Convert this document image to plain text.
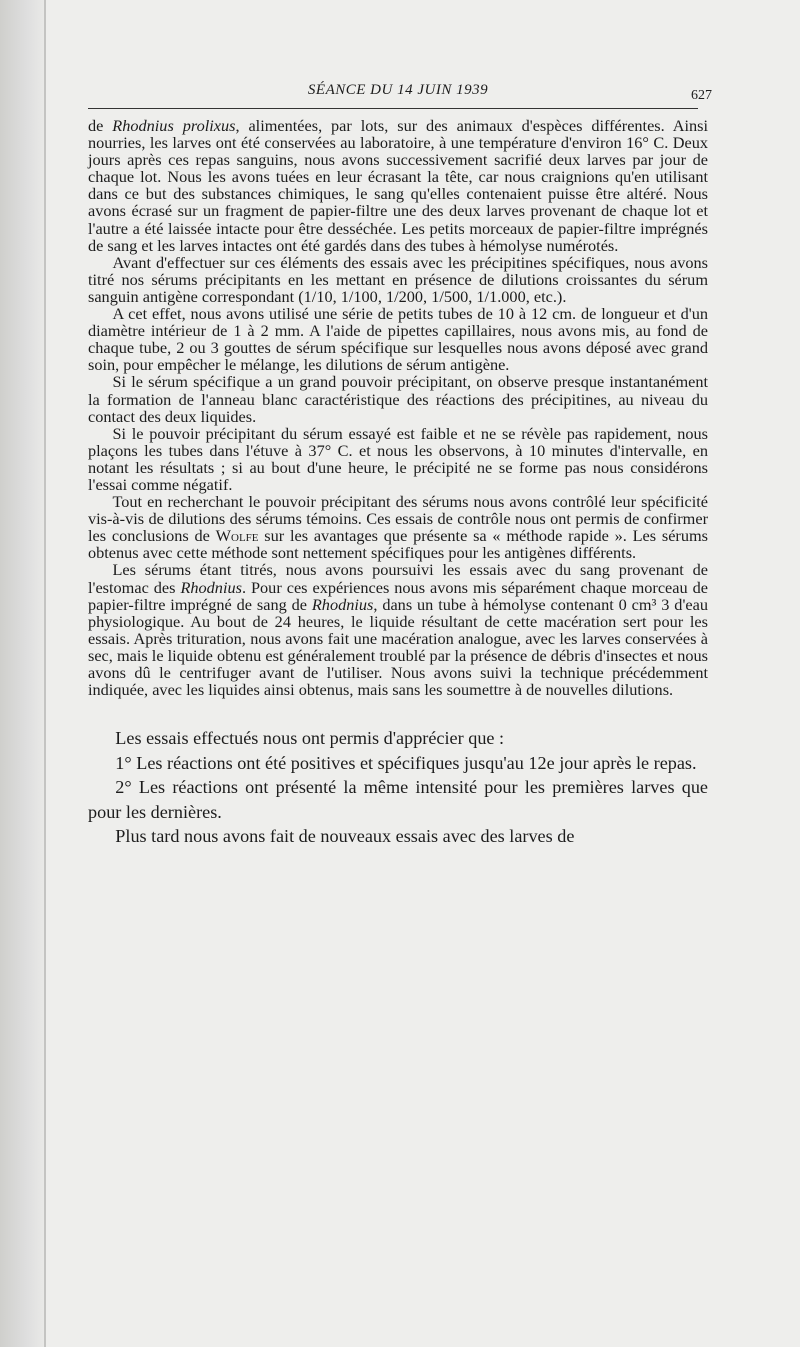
SÉANCE DU 14 JUIN 1939	627

de Rhodnius prolixus, alimentées, par lots, sur des animaux d'espèces différentes. Ainsi nourries, les larves ont été conservées au laboratoire, à une température d'environ 16° C. Deux jours après ces repas sanguins, nous avons successivement sacrifié deux larves par jour de chaque lot. Nous les avons tuées en leur écrasant la tête, car nous craignions qu'en utilisant dans ce but des substances chimiques, le sang qu'elles contenaient puisse être altéré. Nous avons écrasé sur un fragment de papier-filtre une des deux larves provenant de chaque lot et l'autre a été laissée intacte pour être desséchée. Les petits morceaux de papier-filtre imprégnés de sang et les larves intactes ont été gardés dans des tubes à hémolyse numérotés.

Avant d'effectuer sur ces éléments des essais avec les précipitines spécifiques, nous avons titré nos sérums précipitants en les mettant en présence de dilutions croissantes du sérum sanguin antigène correspondant (1/10, 1/100, 1/200, 1/500, 1/1.000, etc.).

A cet effet, nous avons utilisé une série de petits tubes de 10 à 12 cm. de longueur et d'un diamètre intérieur de 1 à 2 mm. A l'aide de pipettes capillaires, nous avons mis, au fond de chaque tube, 2 ou 3 gouttes de sérum spécifique sur lesquelles nous avons déposé avec grand soin, pour empêcher le mélange, les dilutions de sérum antigène.

Si le sérum spécifique a un grand pouvoir précipitant, on observe presque instantanément la formation de l'anneau blanc caractéristique des réactions des précipitines, au niveau du contact des deux liquides.

Si le pouvoir précipitant du sérum essayé est faible et ne se révèle pas rapidement, nous plaçons les tubes dans l'étuve à 37° C. et nous les observons, à 10 minutes d'intervalle, en notant les résultats ; si au bout d'une heure, le précipité ne se forme pas nous considérons l'essai comme négatif.

Tout en recherchant le pouvoir précipitant des sérums nous avons contrôlé leur spécificité vis-à-vis de dilutions des sérums témoins. Ces essais de contrôle nous ont permis de confirmer les conclusions de Wolfe sur les avantages que présente sa « méthode rapide ». Les sérums obtenus avec cette méthode sont nettement spécifiques pour les antigènes différents.

Les sérums étant titrés, nous avons poursuivi les essais avec du sang provenant de l'estomac des Rhodnius. Pour ces expériences nous avons mis séparément chaque morceau de papier-filtre imprégné de sang de Rhodnius, dans un tube à hémolyse contenant 0 cm³ 3 d'eau physiologique. Au bout de 24 heures, le liquide résultant de cette macération sert pour les essais. Après trituration, nous avons fait une macération analogue, avec les larves conservées à sec, mais le liquide obtenu est généralement troublé par la présence de débris d'insectes et nous avons dû le centrifuger avant de l'utiliser. Nous avons suivi la technique précédemment indiquée, avec les liquides ainsi obtenus, mais sans les soumettre à de nouvelles dilutions.

Les essais effectués nous ont permis d'apprécier que :

1° Les réactions ont été positives et spécifiques jusqu'au 12e jour après le repas.

2° Les réactions ont présenté la même intensité pour les premières larves que pour les dernières.

Plus tard nous avons fait de nouveaux essais avec des larves de
